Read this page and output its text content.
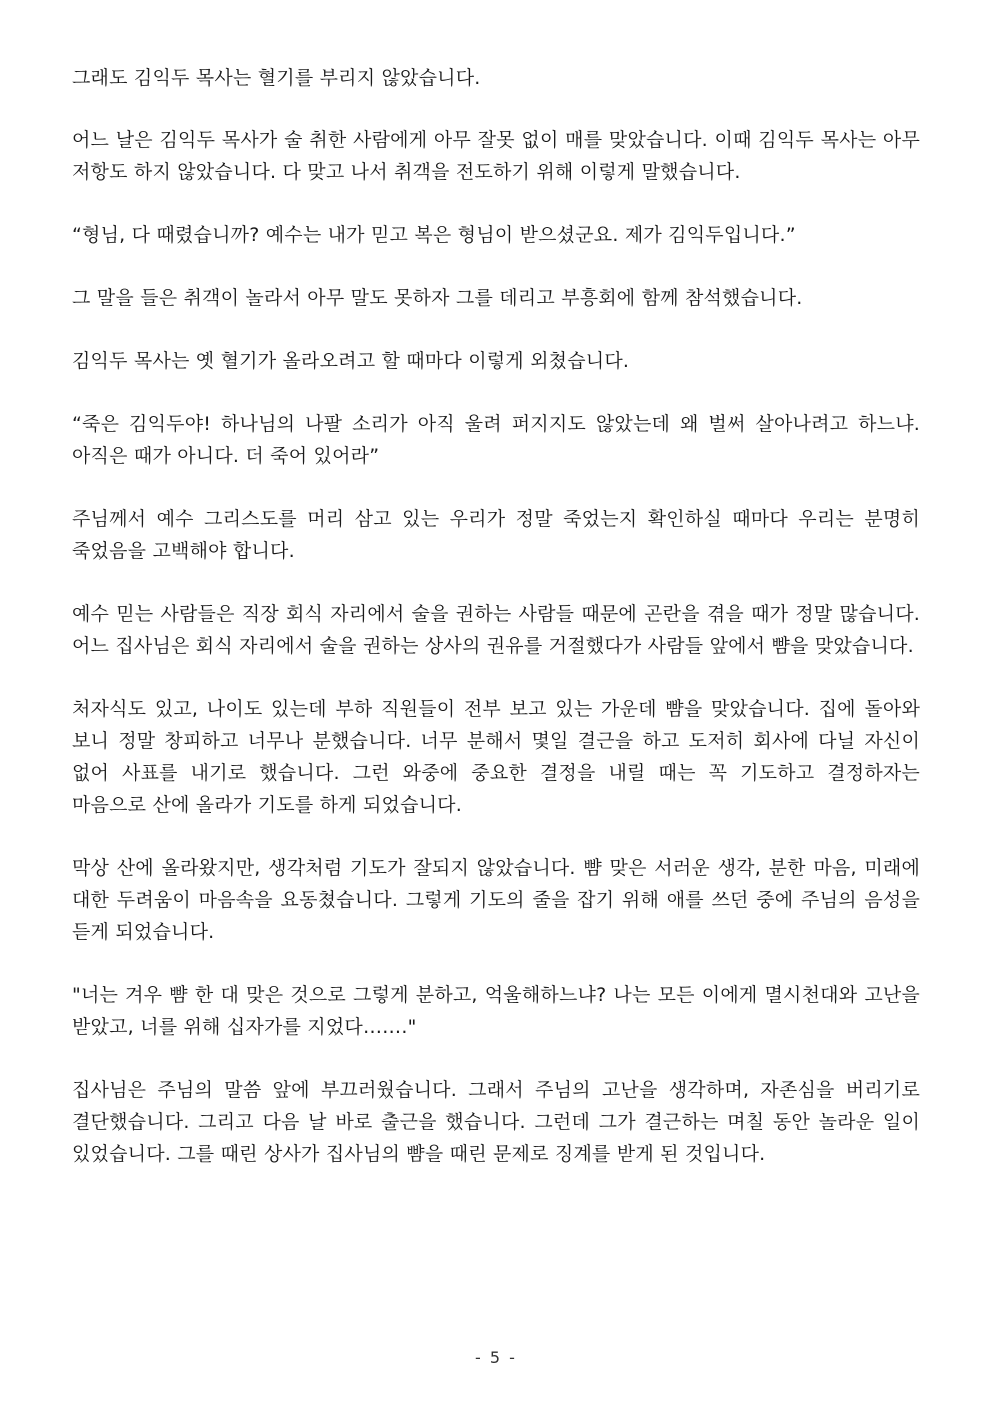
그래도 김익두 목사는 혈기를 부리지 않았습니다.

어느 날은 김익두 목사가 술 취한 사람에게 아무 잘못 없이 매를 맞았습니다. 이때 김익두 목사는 아무 저항도 하지 않았습니다. 다 맞고 나서 취객을 전도하기 위해 이렇게 말했습니다.

“형님, 다 때렸습니까? 예수는 내가 믿고 복은 형님이 받으셨군요. 제가 김익두입니다.”

그 말을 들은 취객이 놀라서 아무 말도 못하자 그를 데리고 부흥회에 함께 참석했습니다.

김익두 목사는 옛 혈기가 올라오려고 할 때마다 이렇게 외쳤습니다.

“죽은 김익두야! 하나님의 나팔 소리가 아직 울려 퍼지지도 않았는데 왜 벌써 살아나려고 하느냐. 아직은 때가 아니다. 더 죽어 있어라”

주님께서 예수 그리스도를 머리 삼고 있는 우리가 정말 죽었는지 확인하실 때마다 우리는 분명히 죽었음을 고백해야 합니다.

예수 믿는 사람들은 직장 회식 자리에서 술을 권하는 사람들 때문에 곤란을 겪을 때가 정말 많습니다. 어느 집사님은 회식 자리에서 술을 권하는 상사의 권유를 거절했다가 사람들 앞에서 뺨을 맞았습니다.

처자식도 있고, 나이도 있는데 부하 직원들이 전부 보고 있는 가운데 뺨을 맞았습니다. 집에 돌아와 보니 정말 창피하고 너무나 분했습니다. 너무 분해서 몇일 결근을 하고 도저히 회사에 다닐 자신이 없어 사표를 내기로 했습니다. 그런 와중에 중요한 결정을 내릴 때는 꼭 기도하고 결정하자는 마음으로 산에 올라가 기도를 하게 되었습니다.

막상 산에 올라왔지만, 생각처럼 기도가 잘되지 않았습니다. 뺨 맞은 서러운 생각, 분한 마음, 미래에 대한 두려움이 마음속을 요동쳤습니다. 그렇게 기도의 줄을 잡기 위해 애를 쓰던 중에 주님의 음성을 듣게 되었습니다.

"너는 겨우 뺨 한 대 맞은 것으로 그렇게 분하고, 억울해하느냐? 나는 모든 이에게 멸시천대와 고난을 받았고, 너를 위해 십자가를 지었다……."

집사님은 주님의 말씀 앞에 부끄러웠습니다. 그래서 주님의 고난을 생각하며, 자존심을 버리기로 결단했습니다. 그리고 다음 날 바로 출근을 했습니다. 그런데 그가 결근하는 며칠 동안 놀라운 일이 있었습니다. 그를 때린 상사가 집사님의 뺨을 때린 문제로 징계를 받게 된 것입니다.

- 5 -
